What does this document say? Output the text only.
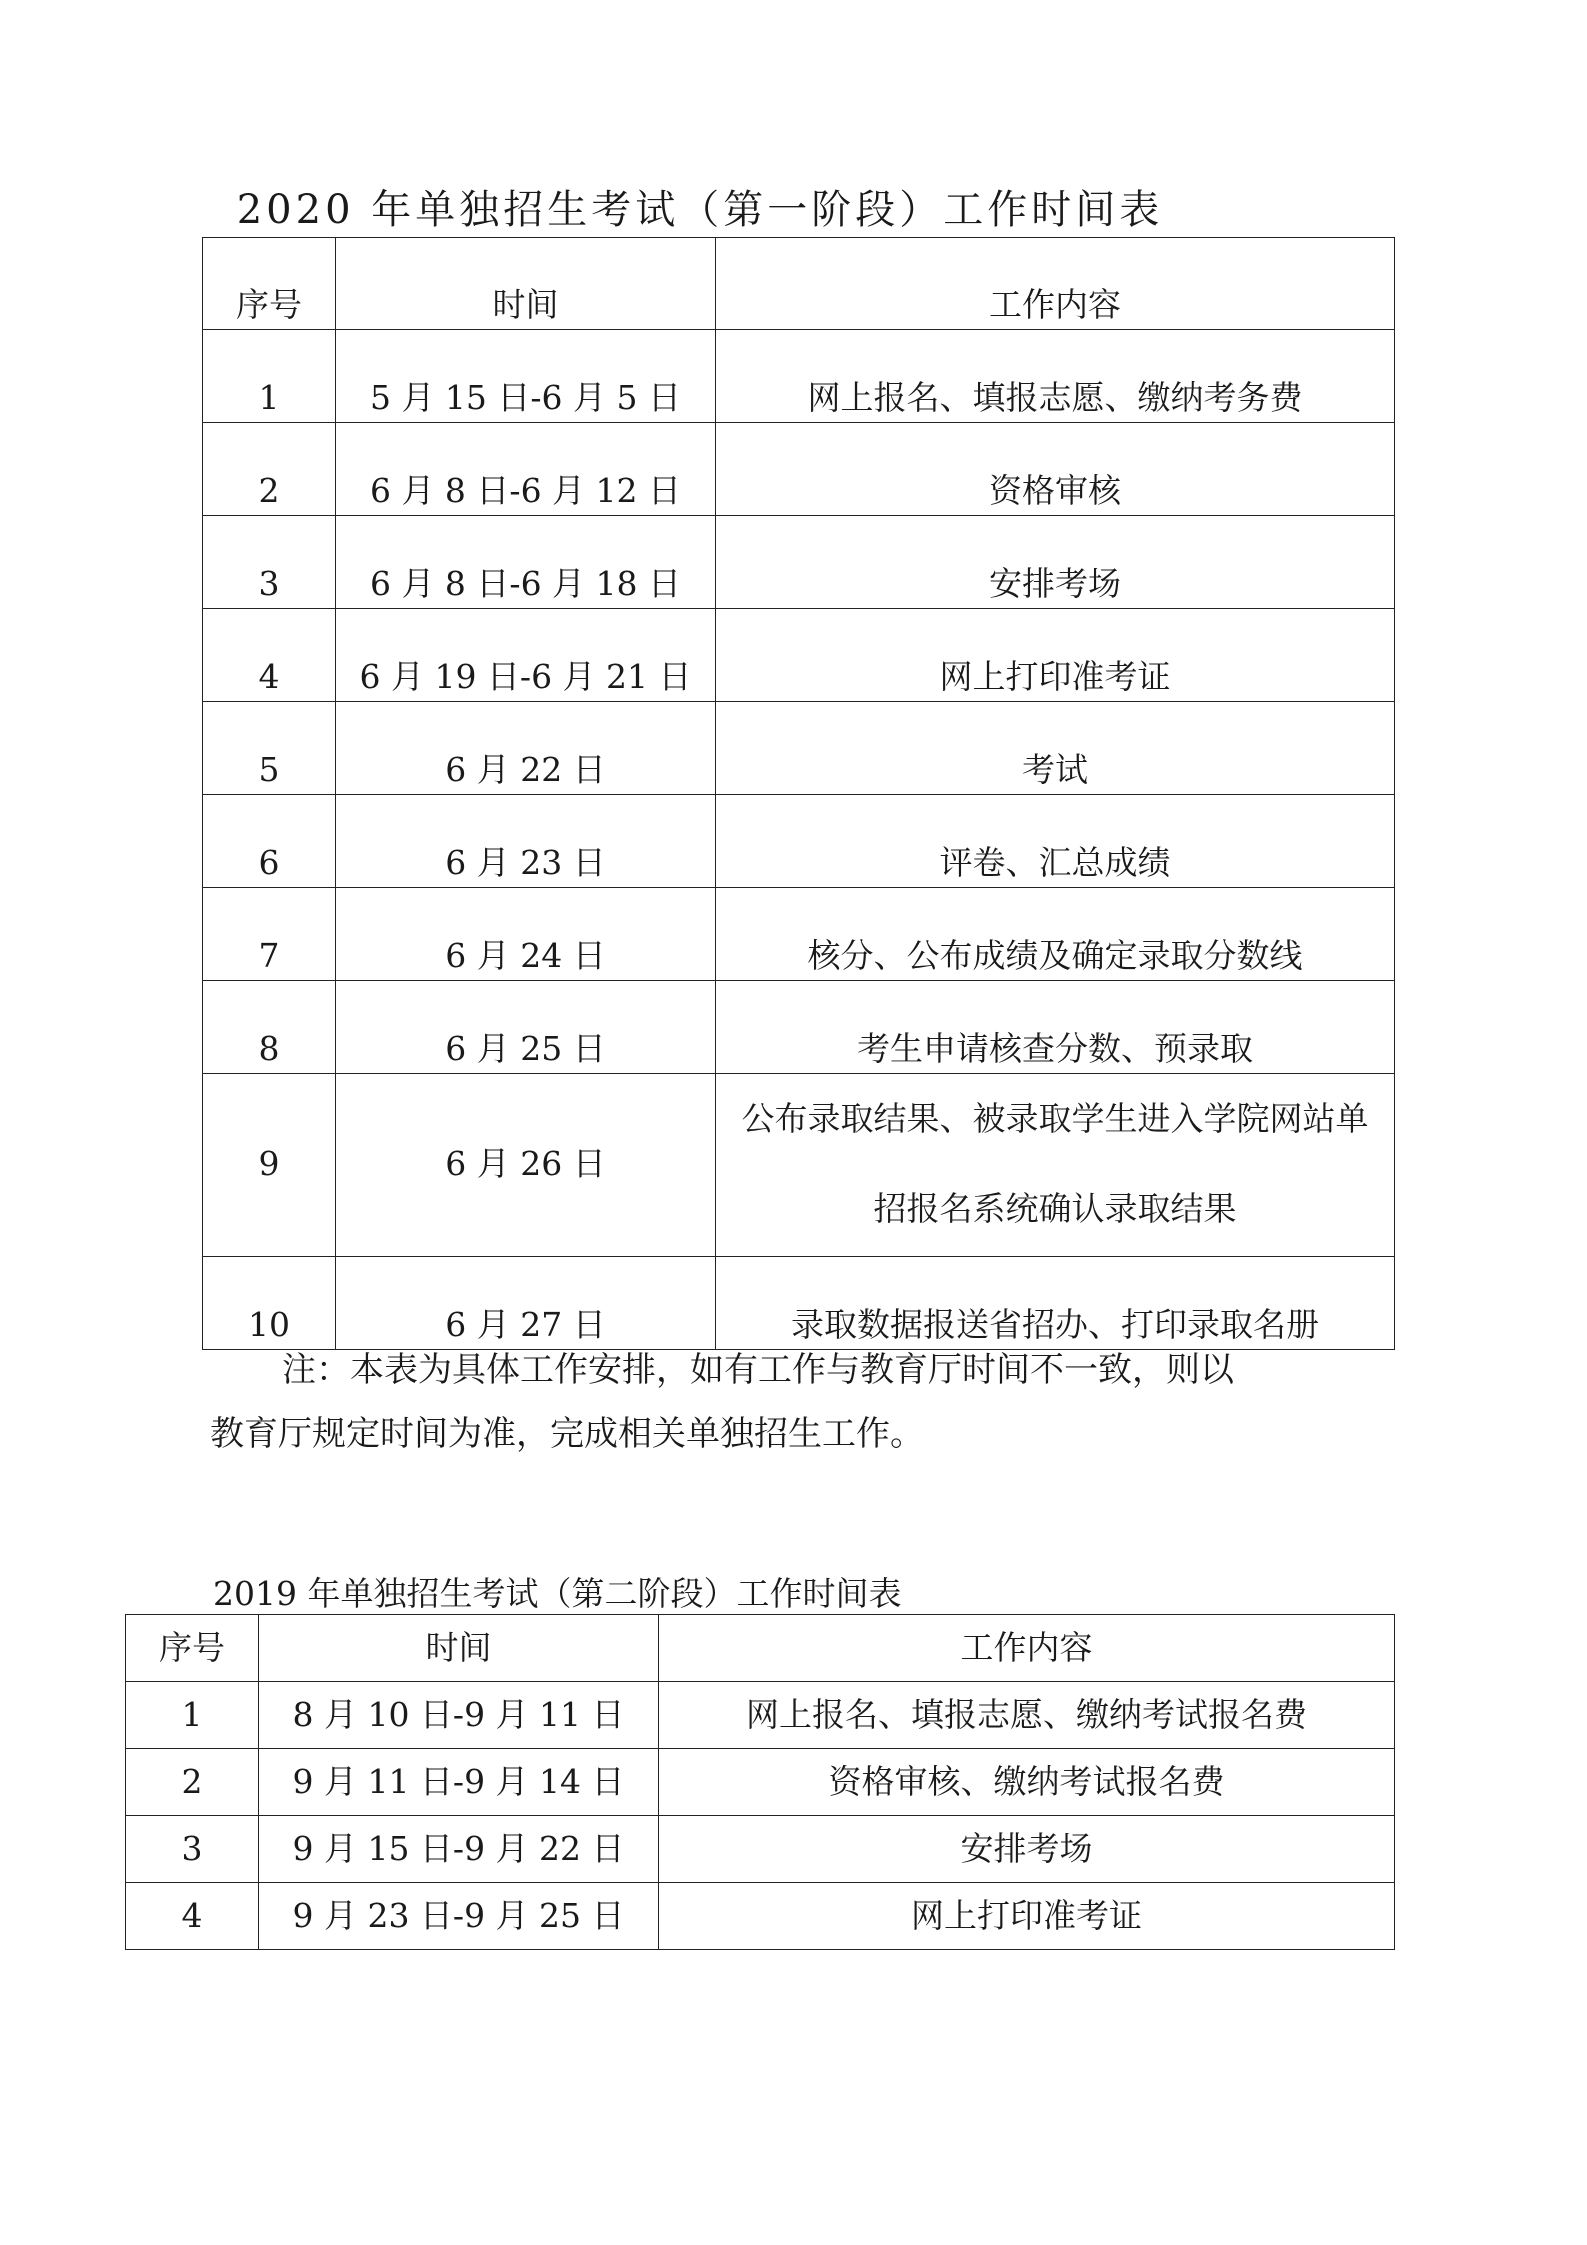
2020 年单独招生考试（第一阶段）工作时间表
序号	时间	工作内容
1	5 月 15 日-6 月 5 日	网上报名、填报志愿、缴纳考务费
2	6 月 8 日-6 月 12 日	资格审核
3	6 月 8 日-6 月 18 日	安排考场
4	6 月 19 日-6 月 21 日	网上打印准考证
5	6 月 22 日	考试
6	6 月 23 日	评卷、汇总成绩
7	6 月 24 日	核分、公布成绩及确定录取分数线
8	6 月 25 日	考生申请核查分数、预录取
9	6 月 26 日	公布录取结果、被录取学生进入学院网站单招报名系统确认录取结果
10	6 月 27 日	录取数据报送省招办、打印录取名册
注：本表为具体工作安排，如有工作与教育厅时间不一致，则以
教育厅规定时间为准，完成相关单独招生工作。
2019 年单独招生考试（第二阶段）工作时间表
序号	时间	工作内容
1	8 月 10 日-9 月 11 日	网上报名、填报志愿、缴纳考试报名费
2	9 月 11 日-9 月 14 日	资格审核、缴纳考试报名费
3	9 月 15 日-9 月 22 日	安排考场
4	9 月 23 日-9 月 25 日	网上打印准考证
